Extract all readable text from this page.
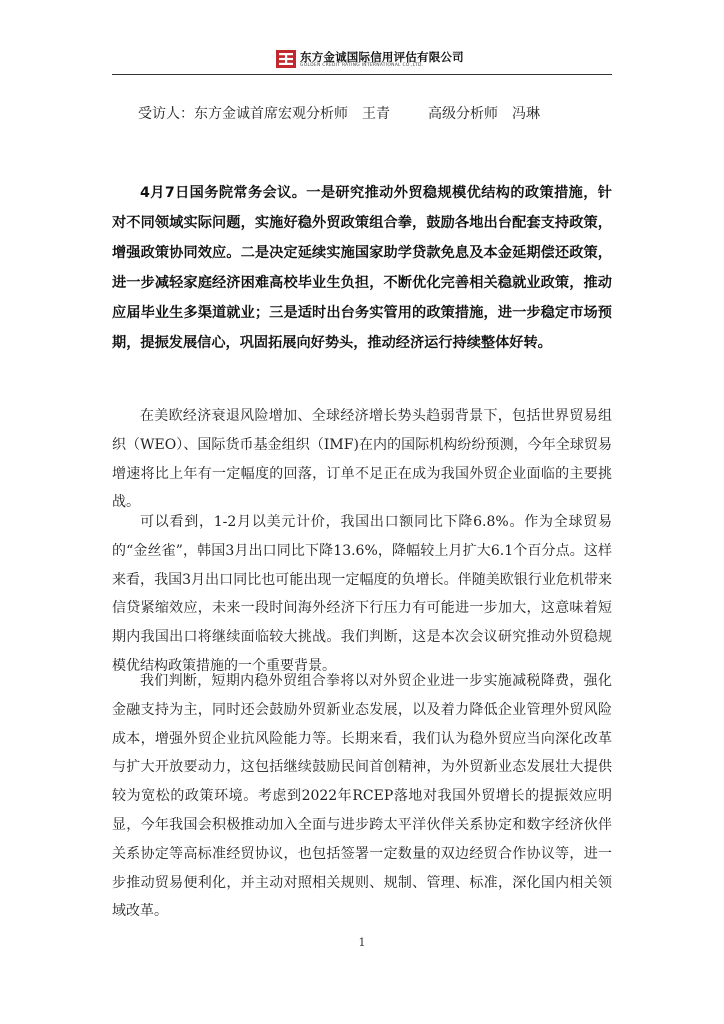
东方金诚国际信用评估有限公司
GOLDEN CREDIT RATING INTERNATIONAL CO.,LTD.
受访人：东方金诚首席宏观分析师 王青	高级分析师 冯琳

4月7日国务院常务会议。一是研究推动外贸稳规模优结构的政策措施，针对不同领域实际问题，实施好稳外贸政策组合拳，鼓励各地出台配套支持政策，增强政策协同效应。二是决定延续实施国家助学贷款免息及本金延期偿还政策，进一步减轻家庭经济困难高校毕业生负担，不断优化完善相关稳就业政策，推动应届毕业生多渠道就业；三是适时出台务实管用的政策措施，进一步稳定市场预期，提振发展信心，巩固拓展向好势头，推动经济运行持续整体好转。

在美欧经济衰退风险增加、全球经济增长势头趋弱背景下，包括世界贸易组织（WEO）、国际货币基金组织（IMF)在内的国际机构纷纷预测，今年全球贸易增速将比上年有一定幅度的回落，订单不足正在成为我国外贸企业面临的主要挑战。

可以看到，1-2月以美元计价，我国出口额同比下降6.8%。作为全球贸易的“金丝雀”，韩国3月出口同比下降13.6%，降幅较上月扩大6.1个百分点。这样来看，我国3月出口同比也可能出现一定幅度的负增长。伴随美欧银行业危机带来信贷紧缩效应，未来一段时间海外经济下行压力有可能进一步加大，这意味着短期内我国出口将继续面临较大挑战。我们判断，这是本次会议研究推动外贸稳规模优结构政策措施的一个重要背景。

我们判断，短期内稳外贸组合拳将以对外贸企业进一步实施减税降费，强化金融支持为主，同时还会鼓励外贸新业态发展，以及着力降低企业管理外贸风险成本，增强外贸企业抗风险能力等。长期来看，我们认为稳外贸应当向深化改革与扩大开放要动力，这包括继续鼓励民间首创精神，为外贸新业态发展壮大提供较为宽松的政策环境。考虑到2022年RCEP落地对我国外贸增长的提振效应明显，今年我国会积极推动加入全面与进步跨太平洋伙伴关系协定和数字经济伙伴关系协定等高标准经贸协议，也包括签署一定数量的双边经贸合作协议等，进一步推动贸易便利化，并主动对照相关规则、规制、管理、标准，深化国内相关领域改革。

1
